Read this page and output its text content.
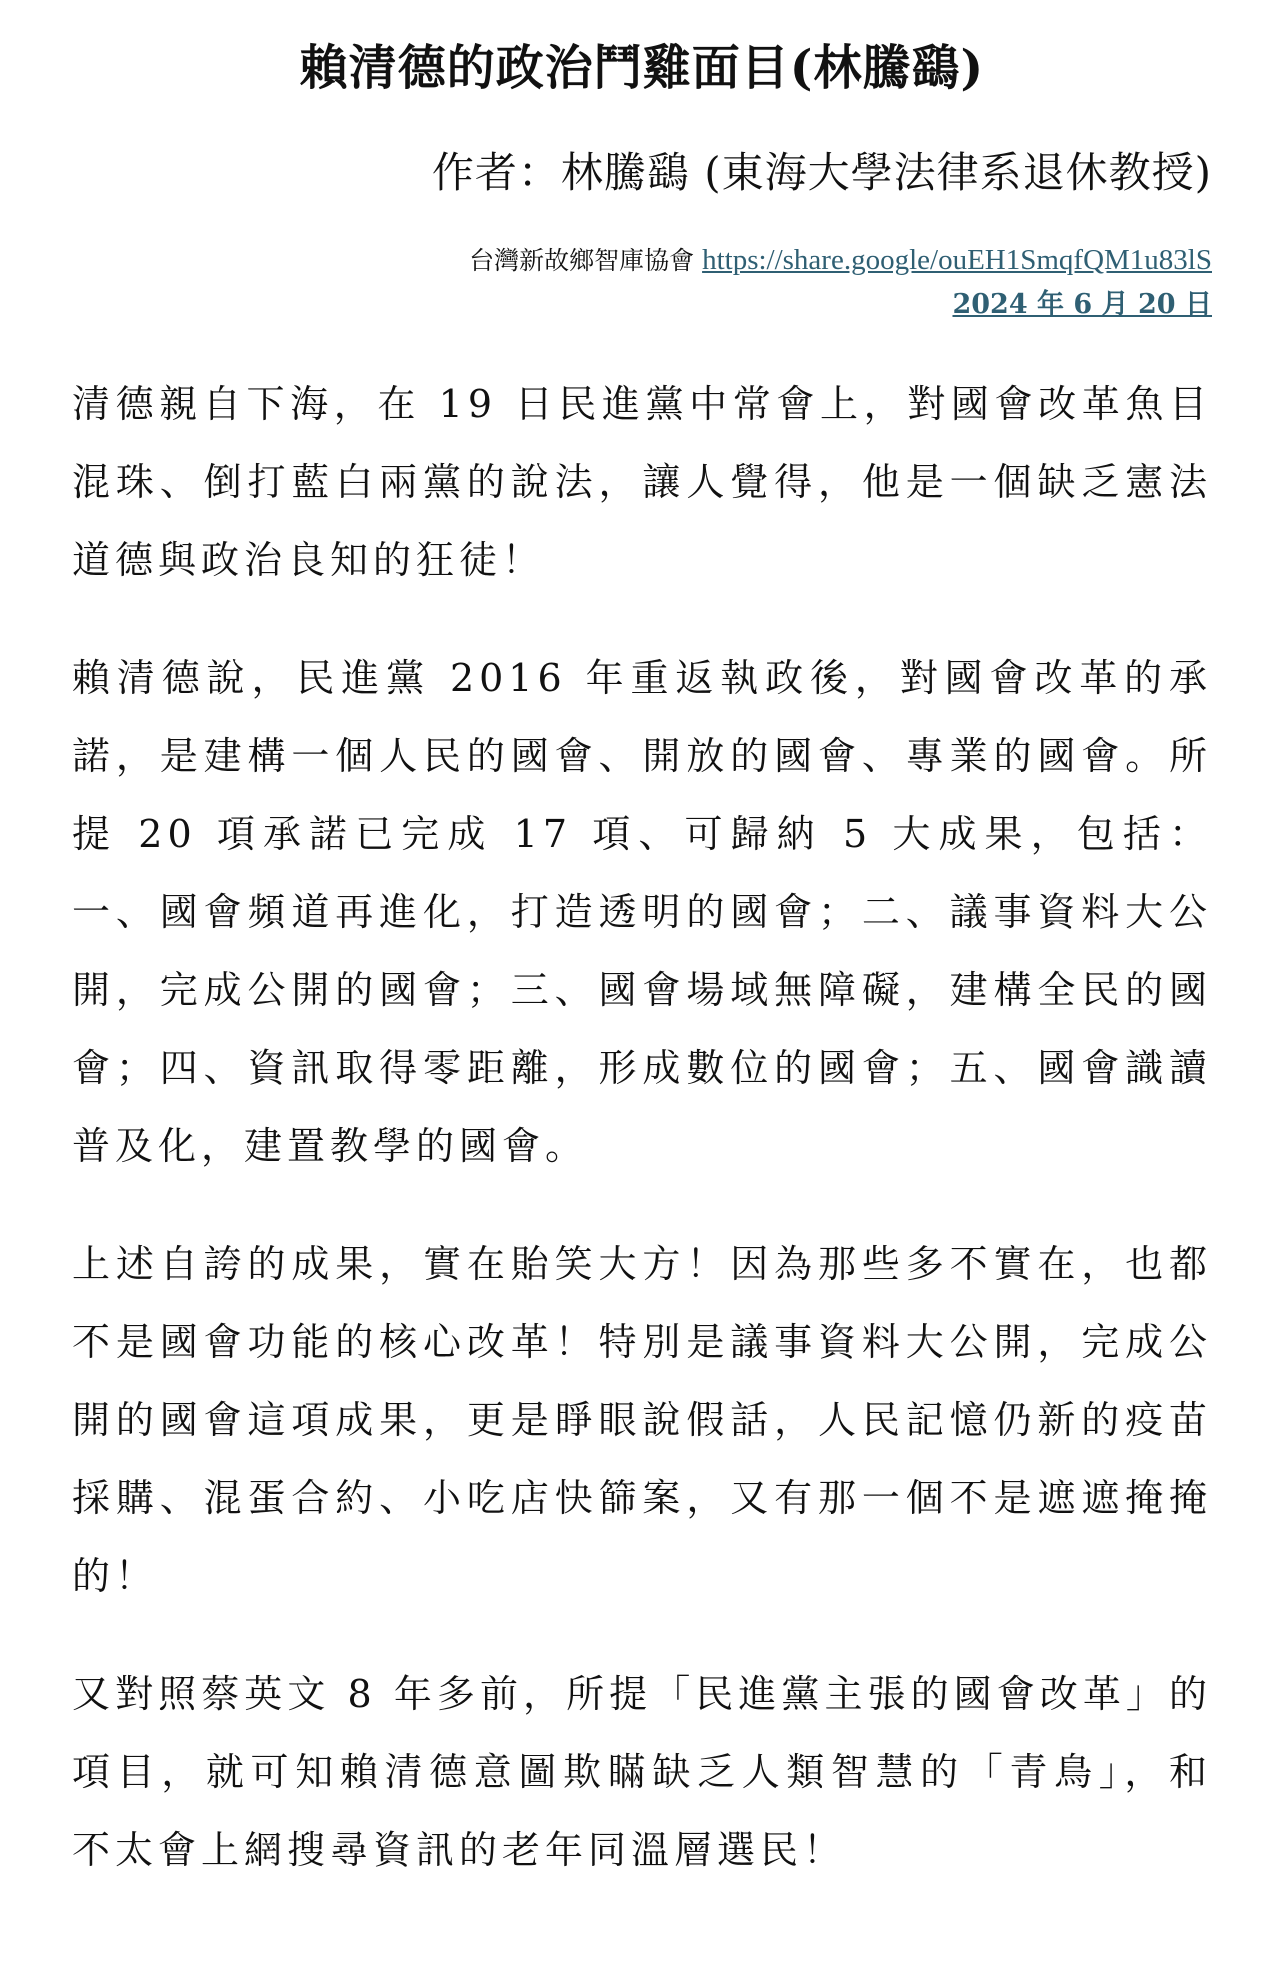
賴清德的政治鬥雞面目(林騰鷂)
作者：林騰鷂 (東海大學法律系退休教授)
台灣新故鄉智庫協會 https://share.google/ouEH1SmqfQM1u83lS
2024 年 6 月 20 日

清德親自下海，在 19 日民進黨中常會上，對國會改革魚目混珠、倒打藍白兩黨的說法，讓人覺得，他是一個缺乏憲法道德與政治良知的狂徒！

賴清德說，民進黨 2016 年重返執政後，對國會改革的承諾，是建構一個人民的國會、開放的國會、專業的國會。所提 20 項承諾已完成 17 項、可歸納 5 大成果，包括：一、國會頻道再進化，打造透明的國會；二、議事資料大公開，完成公開的國會；三、國會場域無障礙，建構全民的國會；四、資訊取得零距離，形成數位的國會；五、國會識讀普及化，建置教學的國會。

上述自誇的成果，實在貽笑大方！因為那些多不實在，也都不是國會功能的核心改革！特別是議事資料大公開，完成公開的國會這項成果，更是睜眼說假話，人民記憶仍新的疫苗採購、混蛋合約、小吃店快篩案，又有那一個不是遮遮掩掩的！

又對照蔡英文 8 年多前，所提「民進黨主張的國會改革」的項目，就可知賴清德意圖欺瞞缺乏人類智慧的「青鳥」，和不太會上網搜尋資訊的老年同溫層選民！
